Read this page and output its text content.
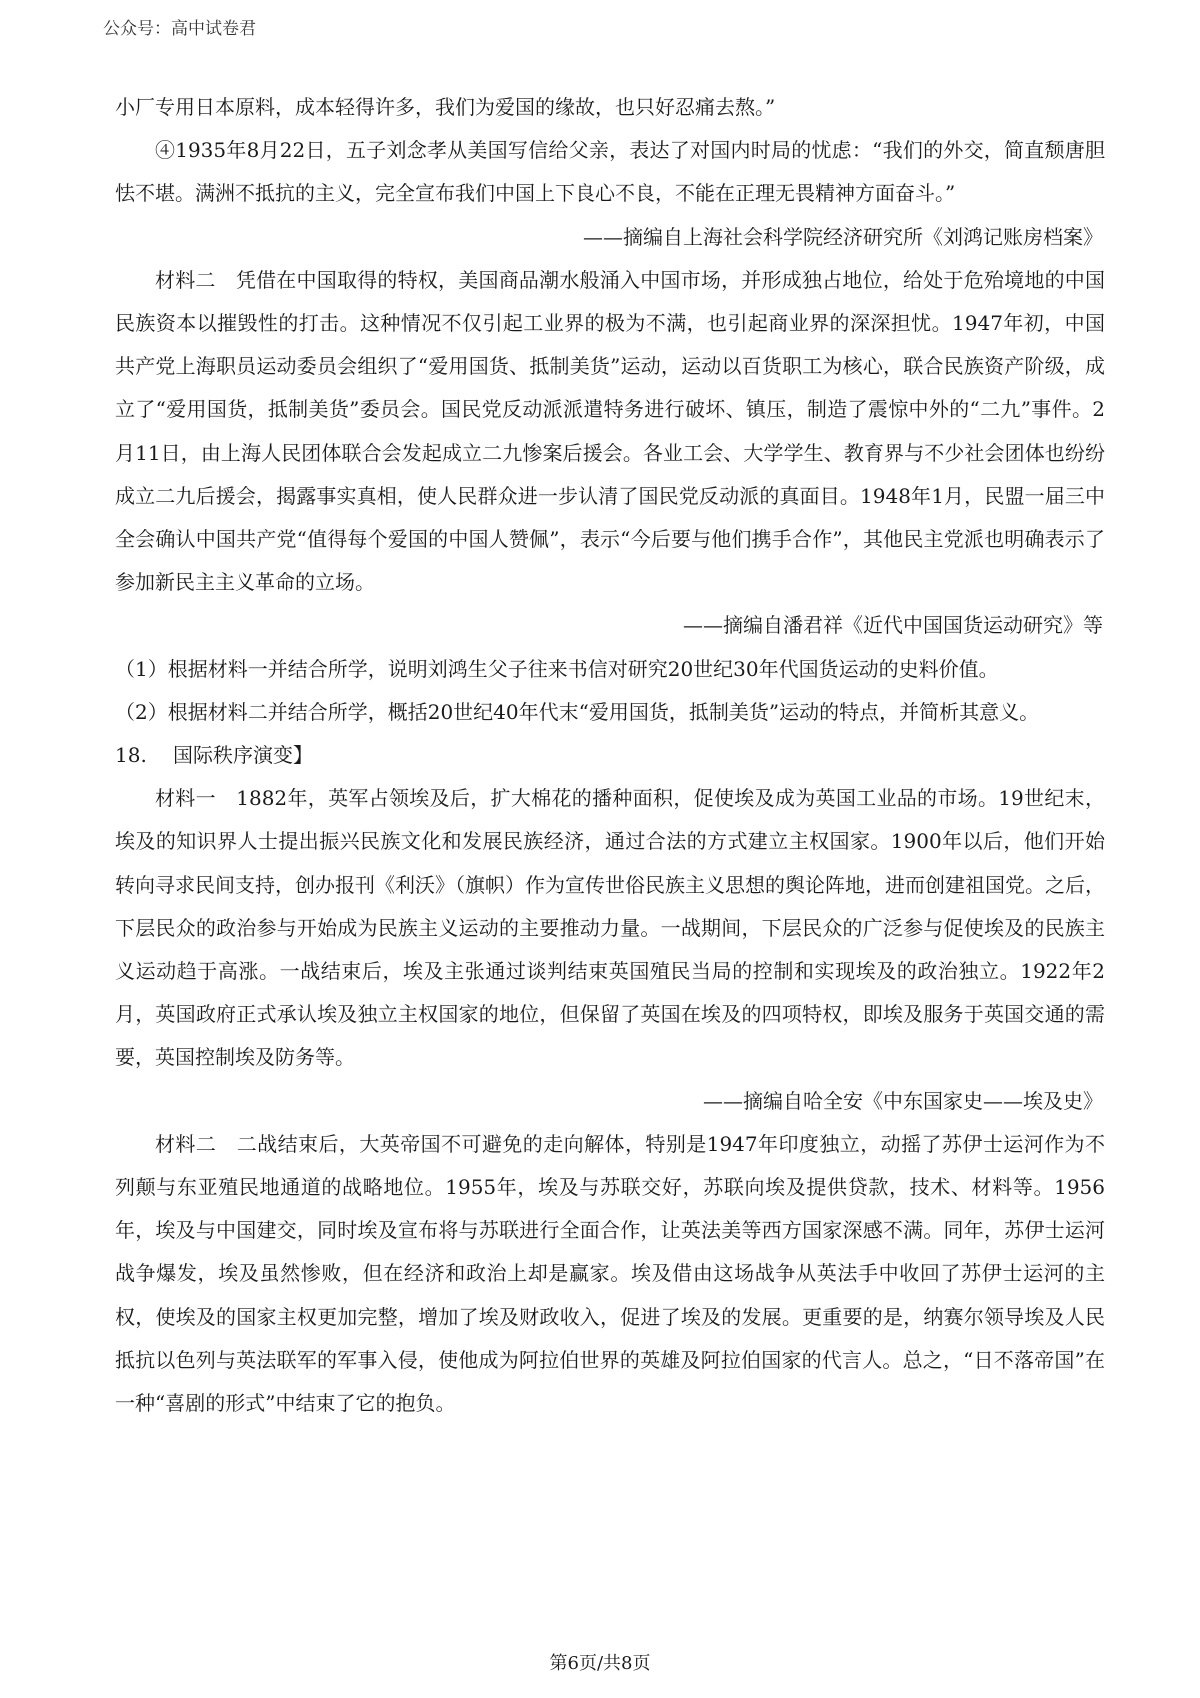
公众号：高中试卷君

小厂专用日本原料，成本轻得许多，我们为爱国的缘故，也只好忍痛去熬。”

④1935年8月22日，五子刘念孝从美国写信给父亲，表达了对国内时局的忧虑：“我们的外交，简直颓唐胆怯不堪。满洲不抵抗的主义，完全宣布我们中国上下良心不良，不能在正理无畏精神方面奋斗。”

——摘编自上海社会科学院经济研究所《刘鸿记账房档案》

材料二　凭借在中国取得的特权，美国商品潮水般涌入中国市场，并形成独占地位，给处于危殆境地的中国民族资本以摧毁性的打击。这种情况不仅引起工业界的极为不满，也引起商业界的深深担忧。1947年初，中国共产党上海职员运动委员会组织了“爱用国货、抵制美货”运动，运动以百货职工为核心，联合民族资产阶级，成立了“爱用国货，抵制美货”委员会。国民党反动派派遣特务进行破坏、镇压，制造了震惊中外的“二九”事件。2月11日，由上海人民团体联合会发起成立二九惨案后援会。各业工会、大学学生、教育界与不少社会团体也纷纷成立二九后援会，揭露事实真相，使人民群众进一步认清了国民党反动派的真面目。1948年1月，民盟一届三中全会确认中国共产党“值得每个爱国的中国人赞佩”，表示“今后要与他们携手合作”，其他民主党派也明确表示了参加新民主主义革命的立场。

——摘编自潘君祥《近代中国国货运动研究》等

（1）根据材料一并结合所学，说明刘鸿生父子往来书信对研究20世纪30年代国货运动的史料价值。

（2）根据材料二并结合所学，概括20世纪40年代末“爱用国货，抵制美货”运动的特点，并简析其意义。

18. 国际秩序演变】

材料一　1882年，英军占领埃及后，扩大棉花的播种面积，促使埃及成为英国工业品的市场。19世纪末，埃及的知识界人士提出振兴民族文化和发展民族经济，通过合法的方式建立主权国家。1900年以后，他们开始转向寻求民间支持，创办报刊《利沃》（旗帜）作为宣传世俗民族主义思想的舆论阵地，进而创建祖国党。之后，下层民众的政治参与开始成为民族主义运动的主要推动力量。一战期间，下层民众的广泛参与促使埃及的民族主义运动趋于高涨。一战结束后，埃及主张通过谈判结束英国殖民当局的控制和实现埃及的政治独立。1922年2月，英国政府正式承认埃及独立主权国家的地位，但保留了英国在埃及的四项特权，即埃及服务于英国交通的需要，英国控制埃及防务等。

——摘编自哈全安《中东国家史——埃及史》

材料二　二战结束后，大英帝国不可避免的走向解体，特别是1947年印度独立，动摇了苏伊士运河作为不列颠与东亚殖民地通道的战略地位。1955年，埃及与苏联交好，苏联向埃及提供贷款，技术、材料等。1956年，埃及与中国建交，同时埃及宣布将与苏联进行全面合作，让英法美等西方国家深感不满。同年，苏伊士运河战争爆发，埃及虽然惨败，但在经济和政治上却是赢家。埃及借由这场战争从英法手中收回了苏伊士运河的主权，使埃及的国家主权更加完整，增加了埃及财政收入，促进了埃及的发展。更重要的是，纳赛尔领导埃及人民抵抗以色列与英法联军的军事入侵，使他成为阿拉伯世界的英雄及阿拉伯国家的代言人。总之，“日不落帝国”在一种“喜剧的形式”中结束了它的抱负。

第6页/共8页
